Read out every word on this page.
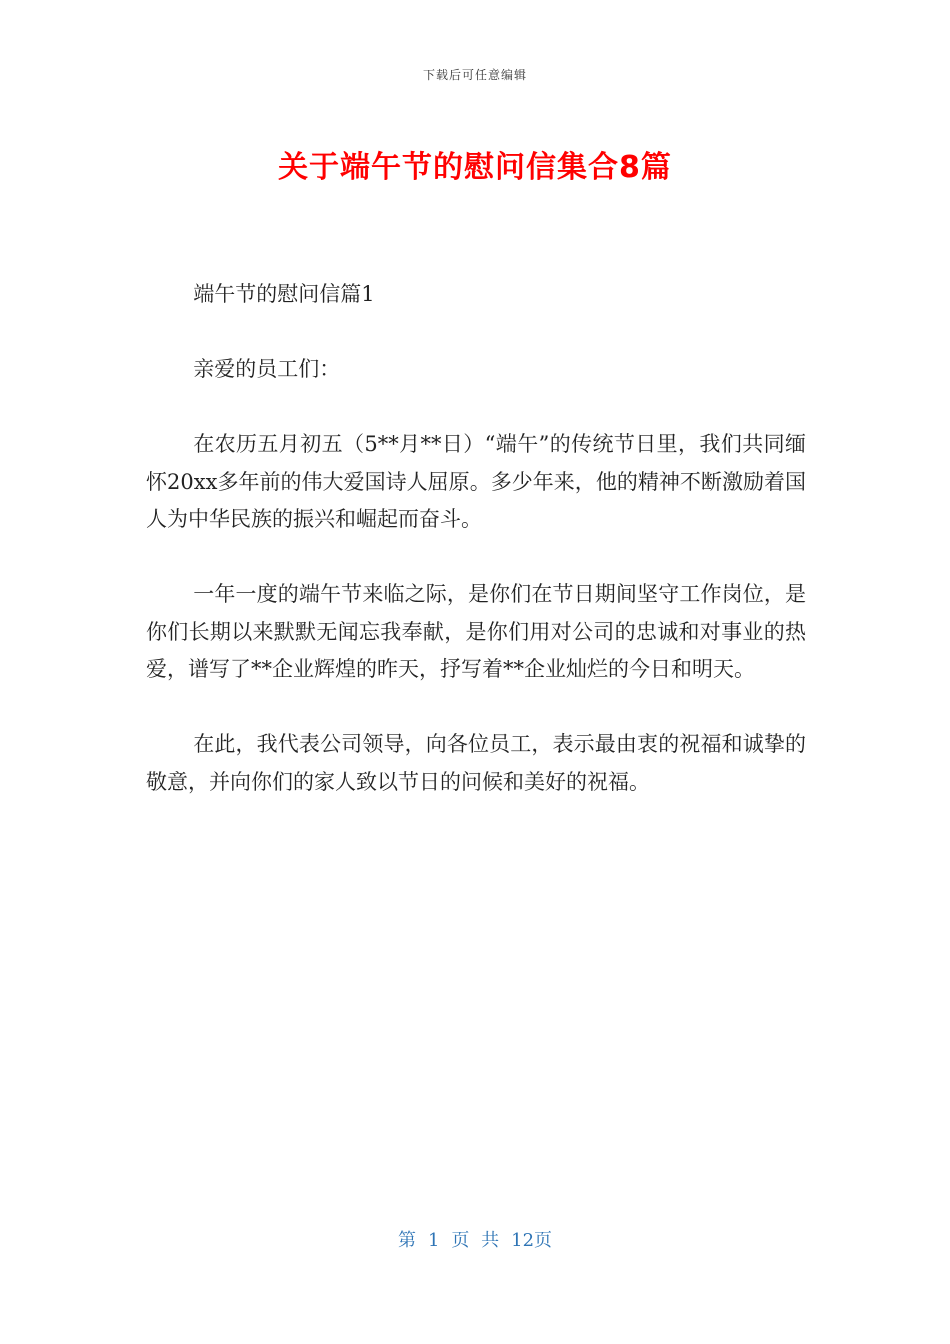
下载后可任意编辑
关于端午节的慰问信集合8篇

端午节的慰问信篇1

亲爱的员工们：

在农历五月初五（5**月**日）“端午”的传统节日里，我们共同缅怀20xx多年前的伟大爱国诗人屈原。多少年来，他的精神不断激励着国人为中华民族的振兴和崛起而奋斗。

一年一度的端午节来临之际，是你们在节日期间坚守工作岗位，是你们长期以来默默无闻忘我奉献，是你们用对公司的忠诚和对事业的热爱，谱写了**企业辉煌的昨天，抒写着**企业灿烂的今日和明天。

在此，我代表公司领导，向各位员工，表示最由衷的祝福和诚挚的敬意，并向你们的家人致以节日的问候和美好的祝福。

第 1 页 共 12页
